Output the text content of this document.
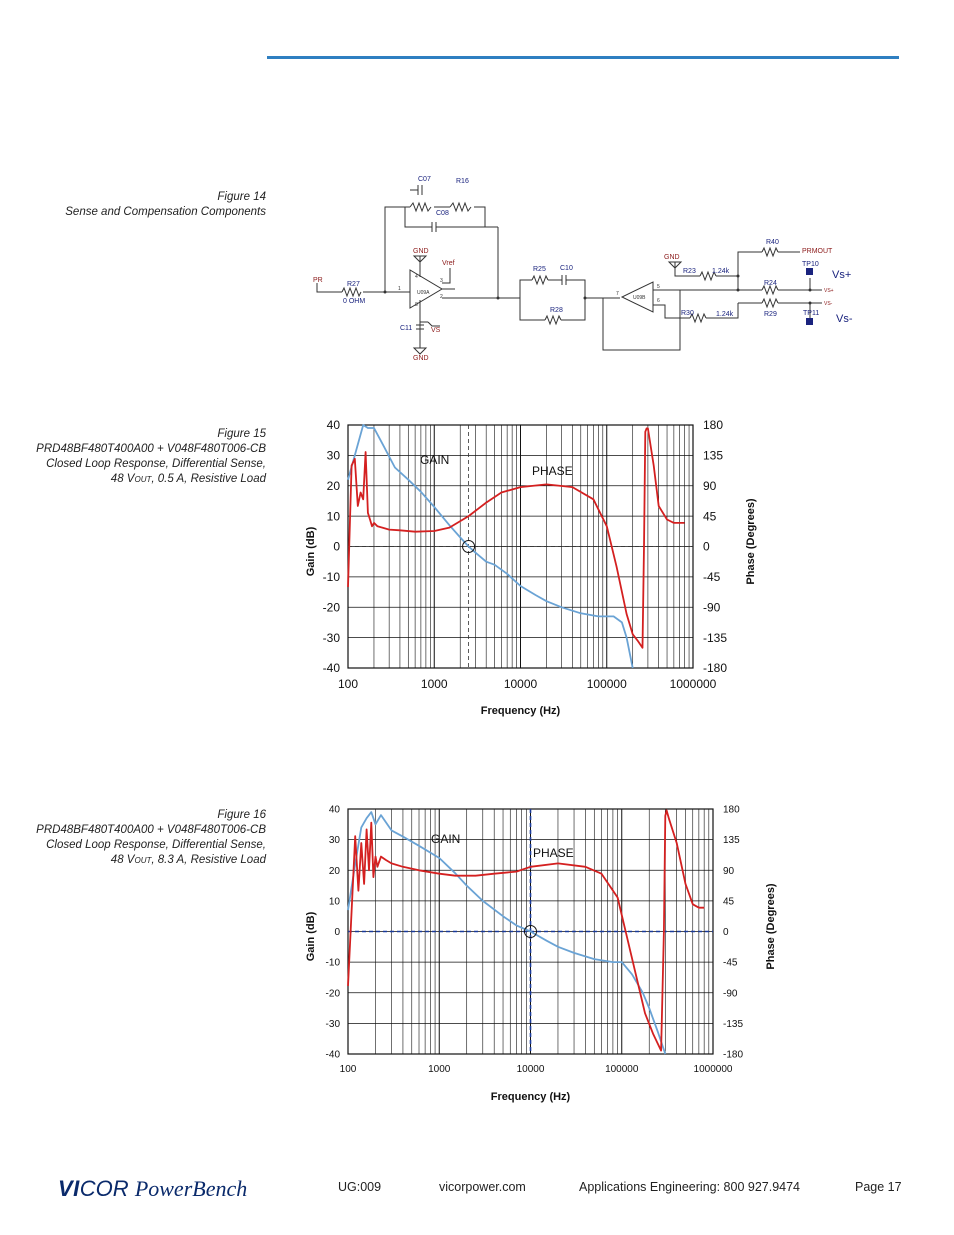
Figure 14
Sense and Compensation Components
Figure 15
PRD48BF480T400A00 + V048F480T006-CB
Closed Loop Response, Differential Sense,
48 VOUT, 0.5 A, Resistive Load
Figure 16
PRD48BF480T400A00 + V048F480T006-CB
Closed Loop Response, Differential Sense,
48 VOUT, 8.3 A, Resistive Load
C07	R16
C08
R27
0 OHM
C11
R25 C10
R28
R23 1.24k
R40
TP11
TP10
R24
R29
R30	1.24k
GND
Vref
PR
VS
GND
GND
PRMOUT
VS+
VS-
U09A
U09B
1
2
3
4
8
5
6
7
Vs+
Vs-
100	1000	10000	100000	1000000
40
30
20
10
0
-10
-20
-30
-40
180
135
90
45
0
-45
-90
-135
-180
Frequency (Hz)
Gain (dB)	Phase (Degrees)
GAIN
PHASE
100	1000	10000	100000	1000000
40
30
20
10
0
-10
-20
-30
-40
180
135
90
45
0
-45
-90
-135
-180
Frequency (Hz)
Gain (dB)	Phase (Degrees)
GAIN
PHASE
VICOR PowerBench	UG:009	vicorpower.com	Applications Engineering: 800 927.9474	Page 17
